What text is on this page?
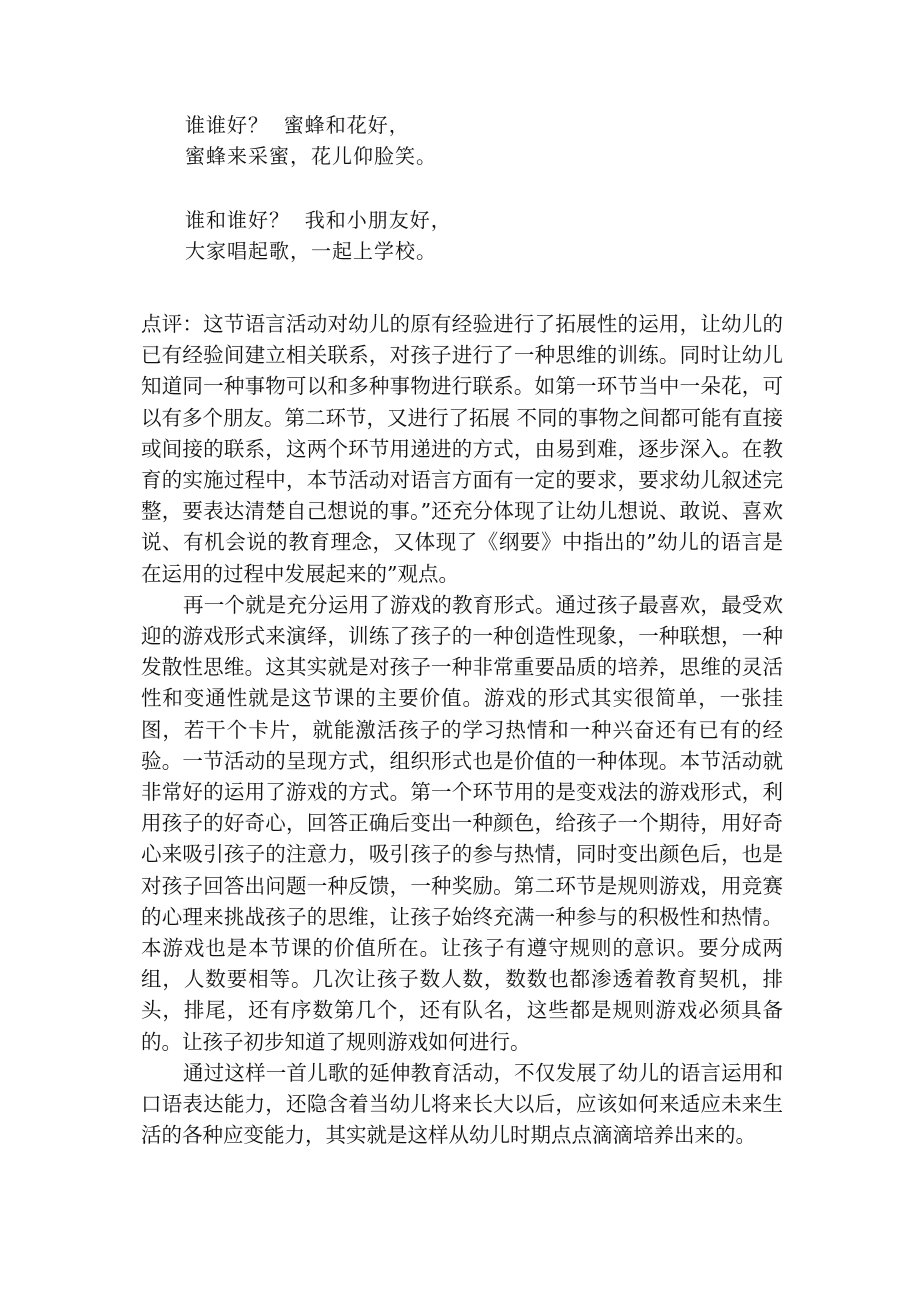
谁谁好？  蜜蜂和花好，
蜜蜂来采蜜，花儿仰脸笑。
谁和谁好？  我和小朋友好，
大家唱起歌，一起上学校。

点评：这节语言活动对幼儿的原有经验进行了拓展性的运用，让幼儿的已有经验间建立相关联系，对孩子进行了一种思维的训练。同时让幼儿知道同一种事物可以和多种事物进行联系。如第一环节当中一朵花，可以有多个朋友。第二环节，又进行了拓展 不同的事物之间都可能有直接或间接的联系，这两个环节用递进的方式，由易到难，逐步深入。在教育的实施过程中，本节活动对语言方面有一定的要求，要求幼儿叙述完整，要表达清楚自己想说的事。”还充分体现了让幼儿想说、敢说、喜欢说、有机会说的教育理念，又体现了《纲要》中指出的”幼儿的语言是在运用的过程中发展起来的”观点。

再一个就是充分运用了游戏的教育形式。通过孩子最喜欢，最受欢迎的游戏形式来演绎，训练了孩子的一种创造性现象，一种联想，一种发散性思维。这其实就是对孩子一种非常重要品质的培养，思维的灵活性和变通性就是这节课的主要价值。游戏的形式其实很简单，一张挂图，若干个卡片，就能激活孩子的学习热情和一种兴奋还有已有的经验。一节活动的呈现方式，组织形式也是价值的一种体现。本节活动就非常好的运用了游戏的方式。第一个环节用的是变戏法的游戏形式，利用孩子的好奇心，回答正确后变出一种颜色，给孩子一个期待，用好奇心来吸引孩子的注意力，吸引孩子的参与热情，同时变出颜色后，也是对孩子回答出问题一种反馈，一种奖励。第二环节是规则游戏，用竞赛的心理来挑战孩子的思维，让孩子始终充满一种参与的积极性和热情。本游戏也是本节课的价值所在。让孩子有遵守规则的意识。要分成两组，人数要相等。几次让孩子数人数，数数也都渗透着教育契机，排头，排尾，还有序数第几个，还有队名，这些都是规则游戏必须具备的。让孩子初步知道了规则游戏如何进行。

通过这样一首儿歌的延伸教育活动，不仅发展了幼儿的语言运用和口语表达能力，还隐含着当幼儿将来长大以后，应该如何来适应未来生活的各种应变能力，其实就是这样从幼儿时期点点滴滴培养出来的。
